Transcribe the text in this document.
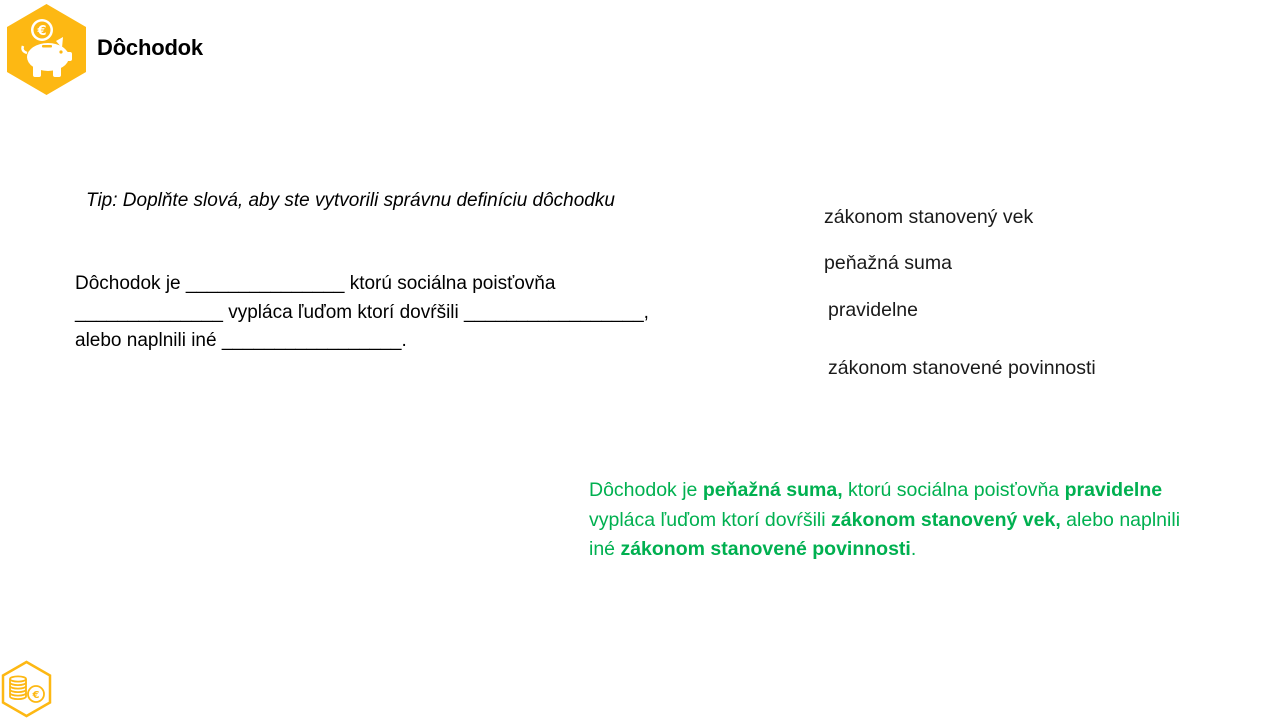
€
Dôchodok
Tip: Doplňte slová, aby ste vytvorili správnu definíciu dôchodku
Dôchodok je _______________ ktorú sociálna poisťovňa ______________ vypláca ľuďom ktorí dovŕšili _________________, alebo naplnili iné _________________.
zákonom stanovený vek
peňažná suma
pravidelne
zákonom stanovené povinnosti
Dôchodok je peňažná suma, ktorú sociálna poisťovňa pravidelne vypláca ľuďom ktorí dovŕšili zákonom stanovený vek, alebo naplnili iné zákonom stanovené povinnosti.
€
